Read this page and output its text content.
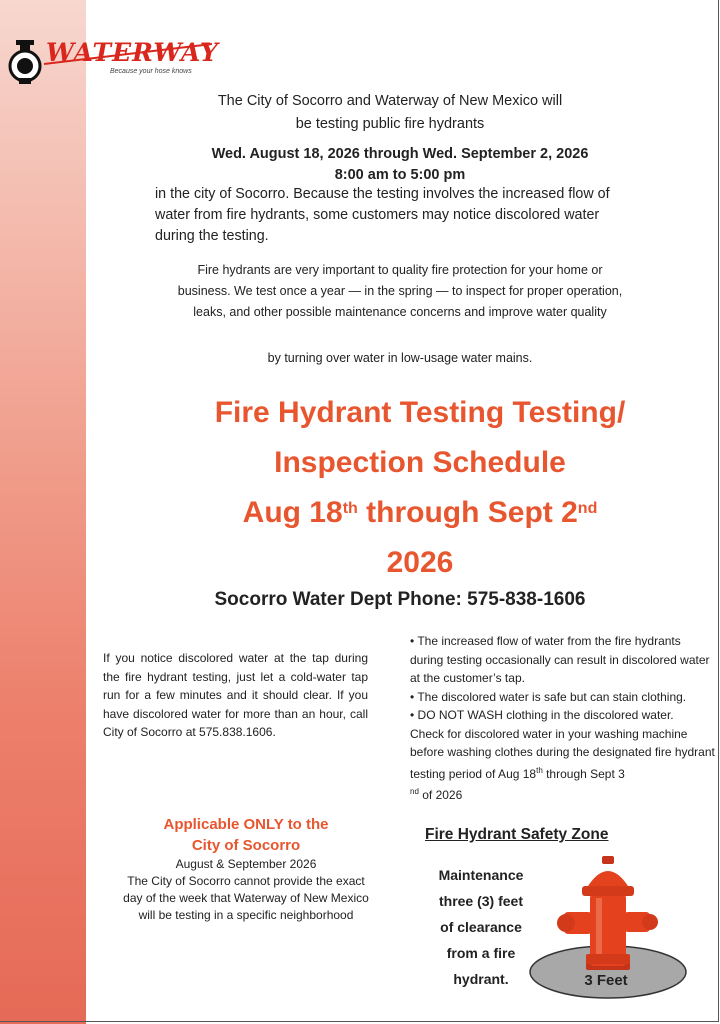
WATERWAY
Because your hose knows
The City of Socorro and Waterway of New Mexico will
be testing public fire hydrants
Wed. August 18, 2026 through Wed. September 2, 2026
8:00 am to 5:00 pm
in the city of Socorro. Because the testing involves the increased flow of water from fire hydrants, some customers may notice discolored water during the testing.
Fire hydrants are very important to quality fire protection for your home or business. We test once a year — in the spring — to inspect for proper operation, leaks, and other possible maintenance concerns and improve water quality
by turning over water in low-usage water mains.
Fire Hydrant Testing Testing/
Inspection Schedule
Aug 18th through Sept 2nd
2026
Socorro Water Dept Phone: 575-838-1606
If you notice discolored water at the tap during the fire hydrant testing, just let a cold-water tap run for a few minutes and it should clear. If you have discolored water for more than an hour, call City of Socorro at 575.838.1606.
• The increased flow of water from the fire hydrants during testing occasionally can result in discolored water at the customer’s tap.
• The discolored water is safe but can stain clothing.
• DO NOT WASH clothing in the discolored water.
Check for discolored water in your washing machine before washing clothes during the designated fire hydrant testing period of Aug 18th through Sept 3
$^{nd}$ of 2026
Applicable ONLY to the
City of Socorro
August & September 2026
The City of Socorro cannot provide the exact day of the week that Waterway of New Mexico will be testing in a specific neighborhood
Fire Hydrant Safety Zone
Maintenance
three (3) feet
of clearance
from a fire
hydrant.	3 Feet
